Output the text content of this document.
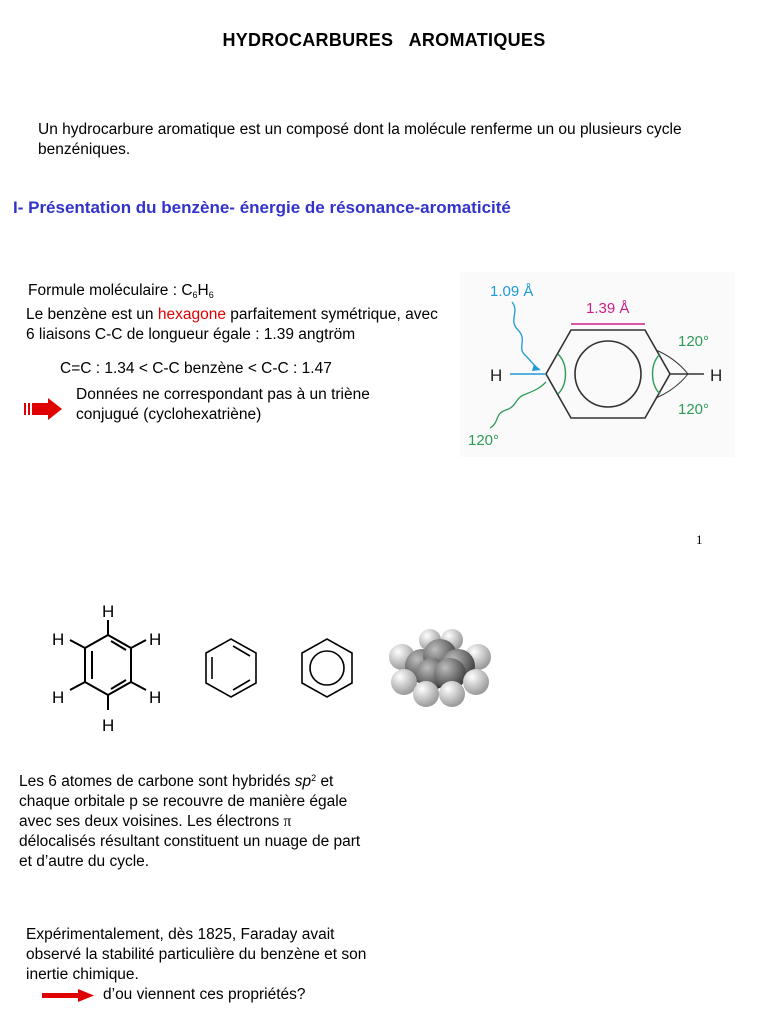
HYDROCARBURES   AROMATIQUES
Un hydrocarbure aromatique est un composé dont la molécule renferme un ou plusieurs cycle benzéniques.
I- Présentation du benzène- énergie de résonance-aromaticité
Formule moléculaire : $C_6H_6$
Le benzène est un hexagone parfaitement symétrique, avec 6 liaisons C-C de longueur égale : 1.39 angtröm
C=C : 1.34 < C-C benzène < C-C : 1.47
Données ne correspondant pas à un triène conjugué (cyclohexatriène)
H	H
1.39 Å
1.09 Å
120°
120°
120°
1
H
H
H	H
H	H
Les 6 atomes de carbone sont hybridés $sp^2$ et chaque orbitale p se recouvre de manière égale avec ses deux voisines. Les électrons π délocalisés résultant constituent un nuage de part et d’autre du cycle.
Expérimentalement, dès 1825, Faraday avait observé la stabilité particulière du benzène et son inertie chimique.
d’ou viennent ces propriétés?
